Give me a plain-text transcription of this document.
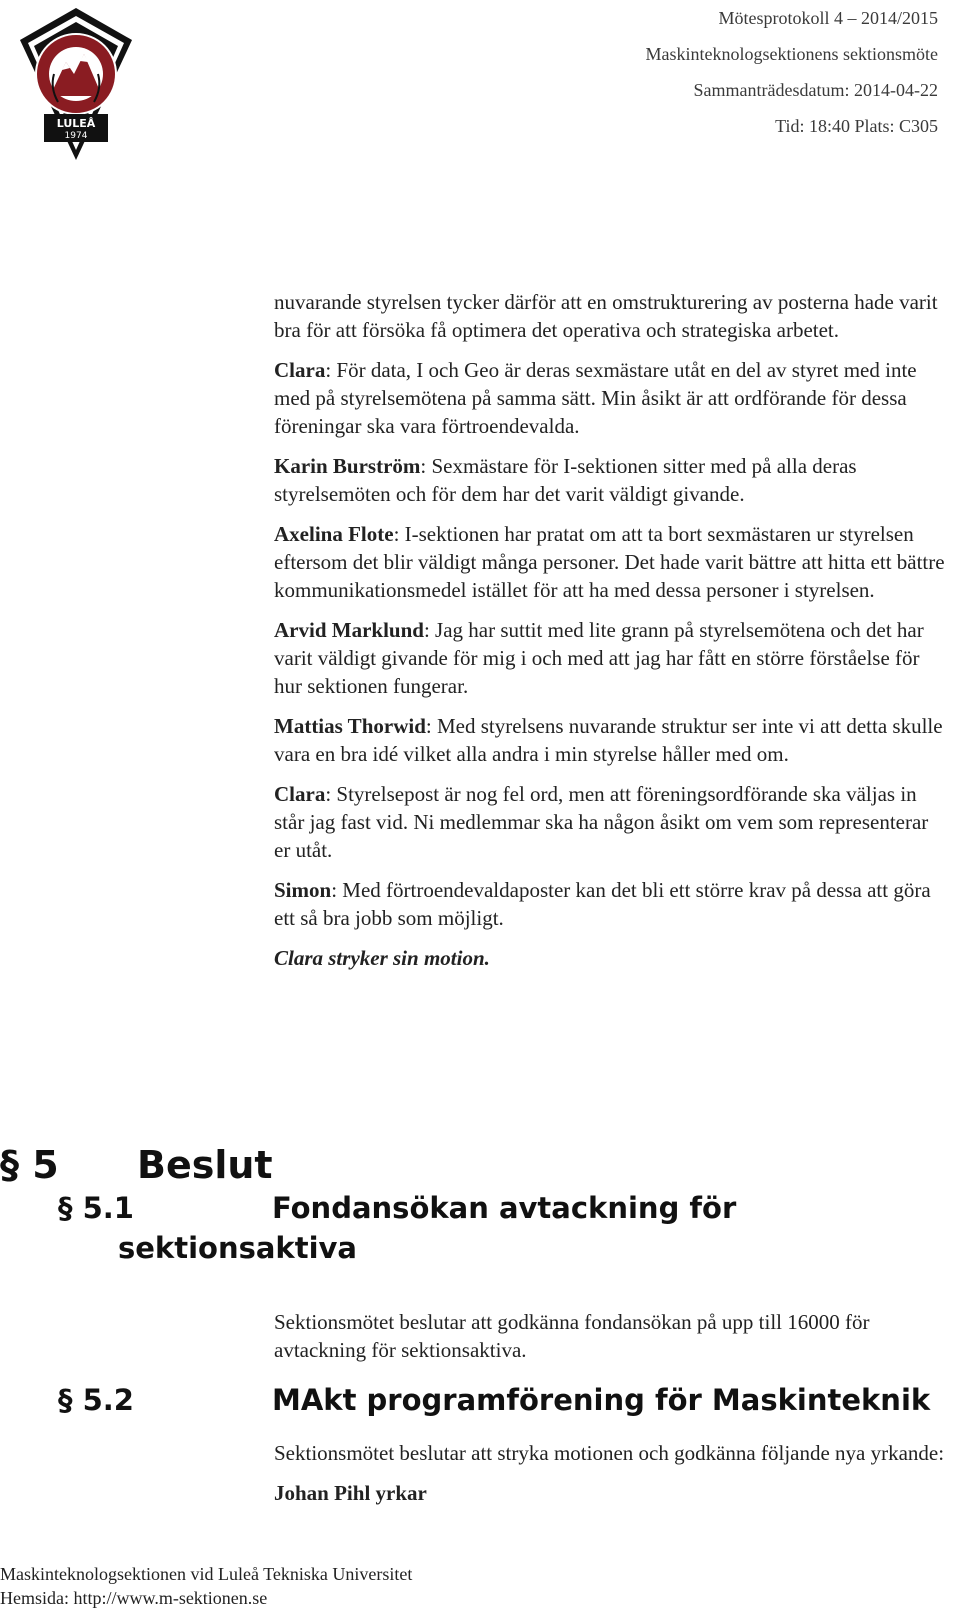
LULEÅ
1974
Mötesprotokoll 4 – 2014/2015
Maskinteknologsektionens sektionsmöte
Sammanträdesdatum: 2014-04-22
Tid: 18:40 Plats: C305

nuvarande styrelsen tycker därför att en omstrukturering av posterna hade varit bra för att försöka få optimera det operativa och strategiska arbetet.

Clara: För data, I och Geo är deras sexmästare utåt en del av styret med inte med på styrelsemötena på samma sätt. Min åsikt är att ordförande för dessa föreningar ska vara förtroendevalda.

Karin Burström: Sexmästare för I-sektionen sitter med på alla deras styrelsemöten och för dem har det varit väldigt givande.

Axelina Flote: I-sektionen har pratat om att ta bort sexmästaren ur styrelsen eftersom det blir väldigt många personer. Det hade varit bättre att hitta ett bättre kommunikationsmedel istället för att ha med dessa personer i styrelsen.

Arvid Marklund: Jag har suttit med lite grann på styrelsemötena och det har varit väldigt givande för mig i och med att jag har fått en större förståelse för hur sektionen fungerar.

Mattias Thorwid: Med styrelsens nuvarande struktur ser inte vi att detta skulle vara en bra idé vilket alla andra i min styrelse håller med om.

Clara: Styrelsepost är nog fel ord, men att föreningsordförande ska väljas in står jag fast vid. Ni medlemmar ska ha någon åsikt om vem som representerar er utåt.

Simon: Med förtroendevaldaposter kan det bli ett större krav på dessa att göra ett så bra jobb som möjligt.

Clara stryker sin motion.

§ 5 Beslut
§ 5.1	Fondansökan avtackning för
sektionsaktiva

Sektionsmötet beslutar att godkänna fondansökan på upp till 16000 för avtackning för sektionsaktiva.

§ 5.2	MAkt programförening för Maskinteknik

Sektionsmötet beslutar att stryka motionen och godkänna följande nya yrkande:

Johan Pihl yrkar

Maskinteknologsektionen vid Luleå Tekniska Universitet
Hemsida: http://www.m-sektionen.se
